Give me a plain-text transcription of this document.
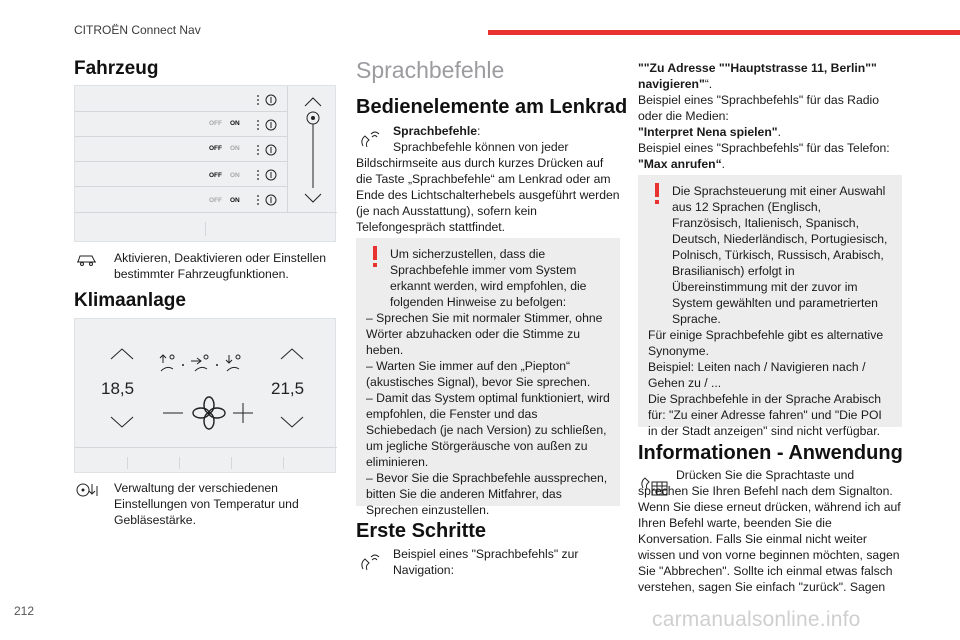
CITROËN Connect Nav
Fahrzeug
OFF ON
OFF ON
OFF ON
OFF ON
Aktivieren, Deaktivieren oder Einstellen bestimmter Fahrzeugfunktionen.
Klimaanlage
18,5	21,5
Verwaltung der verschiedenen Einstellungen von Temperatur und Gebläsestärke.
Sprachbefehle
Bedienelemente am Lenkrad
Sprachbefehle:
Sprachbefehle können von jeder
Bildschirmseite aus durch kurzes Drücken auf die Taste „Sprachbefehle“ am Lenkrad oder am Ende des Lichtschalterhebels ausgeführt werden (je nach Ausstattung), sofern kein Telefongespräch stattfindet.
Um sicherzustellen, dass die Sprachbefehle immer vom System erkannt werden, wird empfohlen, die folgenden Hinweise zu befolgen:
– Sprechen Sie mit normaler Stimmer, ohne Wörter abzuhacken oder die Stimme zu heben.
– Warten Sie immer auf den „Piepton“ (akustisches Signal), bevor Sie sprechen.
– Damit das System optimal funktioniert, wird empfohlen, die Fenster und das Schiebedach (je nach Version) zu schließen, um jegliche Störgeräusche von außen zu eliminieren.
– Bevor Sie die Sprachbefehle aussprechen, bitten Sie die anderen Mitfahrer, das Sprechen einzustellen.
Erste Schritte
Beispiel eines "Sprachbefehls" zur Navigation:
""Zu Adresse ""Hauptstrasse 11, Berlin"" navigieren"“.
Beispiel eines "Sprachbefehls" für das Radio oder die Medien:
"Interpret Nena spielen".
Beispiel eines "Sprachbefehls" für das Telefon:
"Max anrufen“.
Die Sprachsteuerung mit einer Auswahl aus 12 Sprachen (Englisch, Französisch, Italienisch, Spanisch, Deutsch, Niederländisch, Portugiesisch, Polnisch, Türkisch, Russisch, Arabisch, Brasilianisch) erfolgt in Übereinstimmung mit der zuvor im System gewählten und parametrierten Sprache.
Für einige Sprachbefehle gibt es alternative Synonyme.
Beispiel: Leiten nach / Navigieren nach / Gehen zu / ...
Die Sprachbefehle in der Sprache Arabisch für: "Zu einer Adresse fahren" und "Die POI in der Stadt anzeigen" sind nicht verfügbar.
Informationen - Anwendung
Drücken Sie die Sprachtaste und sprechen Sie Ihren Befehl nach dem Signalton. Wenn Sie diese erneut drücken, während ich auf Ihren Befehl warte, beenden Sie die Konversation. Falls Sie einmal nicht weiter wissen und von vorne beginnen möchten, sagen Sie "Abbrechen". Sollte ich einmal etwas falsch verstehen, sagen Sie einfach "zurück". Sagen
212	carmanualsonline.info
